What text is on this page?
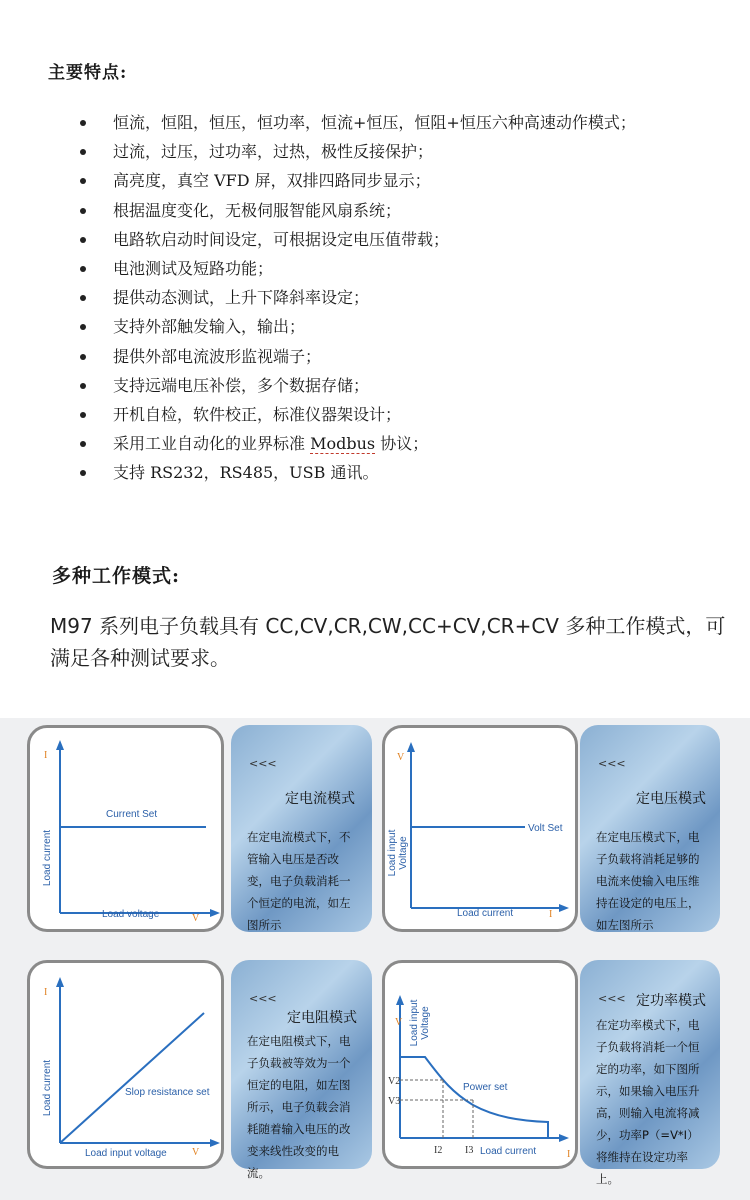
主要特点:
恒流，恒阻，恒压，恒功率，恒流+恒压，恒阻+恒压六种高速动作模式；
过流，过压，过功率，过热，极性反接保护；
高亮度，真空 VFD 屏，双排四路同步显示；
根据温度变化，无极伺服智能风扇系统；
电路软启动时间设定，可根据设定电压值带载；
电池测试及短路功能；
提供动态测试，上升下降斜率设定；
支持外部触发输入，输出；
提供外部电流波形监视端子；
支持远端电压补偿，多个数据存储；
开机自检，软件校正，标准仪器架设计；
采用工业自动化的业界标准 Modbus 协议；
支持 RS232，RS485，USB 通讯。
多种工作模式:
M97 系列电子负载具有 CC,CV,CR,CW,CC+CV,CR+CV 多种工作模式，可满足各种测试要求。
I
V
Load current
Load voltage
Current Set
<<<
定电流模式
在定电流模式下，不管输入电压是否改变，电子负载消耗一个恒定的电流，如左图所示
V
I
Load input Voltage
Load current
Volt Set
<<<
定电压模式
在定电压模式下，电子负载将消耗足够的电流来使输入电压维持在设定的电压上，如左图所示
I
V
Load current
Load input voltage
Slop resistance set
<<<
定电阻模式
在定电阻模式下，电子负载被等效为一个恒定的电阻，如左图所示，电子负载会消耗随着输入电压的改变来线性改变的电流。
V
I
Load input Voltage
Load current
Power set
V2
V3
I2 I3
<<< 定功率模式
在定功率模式下，电子负载将消耗一个恒定的功率，如下图所示，如果输入电压升高，则输入电流将减少，功率P（=V*I）将维持在设定功率上。
